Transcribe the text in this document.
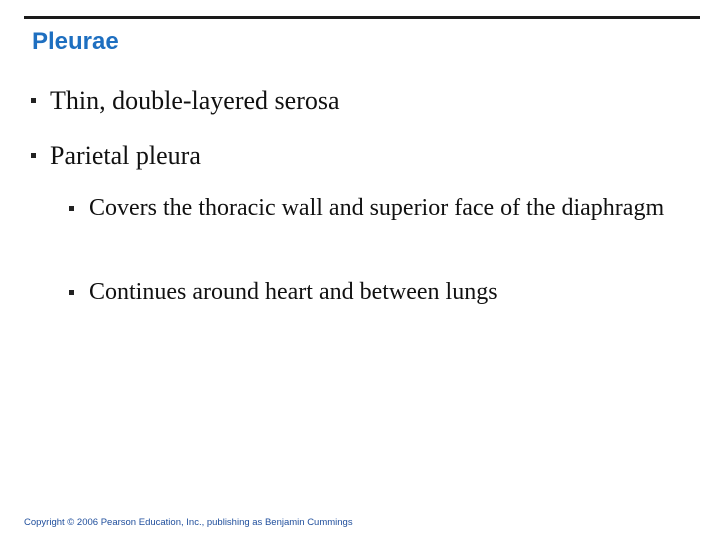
Pleurae
Thin, double-layered serosa
Parietal pleura
Covers the thoracic wall and superior face of the diaphragm
Continues around heart and between lungs
Copyright © 2006 Pearson Education, Inc., publishing as Benjamin Cummings
